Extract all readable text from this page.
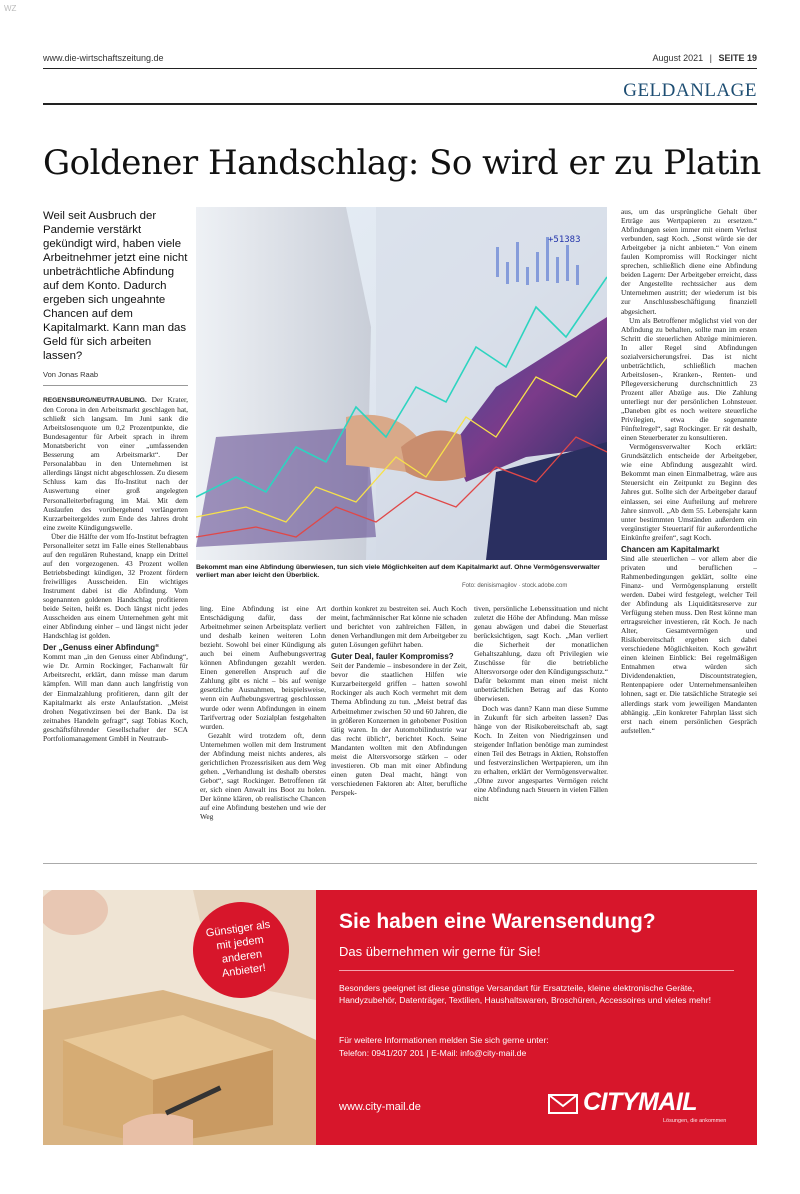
WZ
www.die-wirtschaftszeitung.de	August 2021 | SEITE 19
GELDANLAGE
Goldener Handschlag: So wird er zu Platin
Weil seit Ausbruch der Pandemie verstärkt gekündigt wird, haben viele Arbeitnehmer jetzt eine nicht unbeträchtliche Abfindung auf dem Konto. Dadurch ergeben sich ungeahnte Chancen auf dem Kapitalmarkt. Kann man das Geld für sich arbeiten lassen?
Von Jonas Raab
+51383
Bekommt man eine Abfindung überwiesen, tun sich viele Möglichkeiten auf dem Kapitalmarkt auf. Ohne Vermögensverwalter verliert man aber leicht den Überblick.
Foto: denisismagilov · stock.adobe.com

REGENSBURG/NEUTRAUBLING. Der Krater, den Corona in den Arbeitsmarkt geschlagen hat, schließt sich langsam. Im Juni sank die Arbeitslosenquote um 0,2 Prozentpunkte, die Bundesagentur für Arbeit sprach in ihrem Monatsbericht von einer „umfassenden Besserung am Arbeitsmarkt“. Der Personalabbau in den Unternehmen ist allerdings längst nicht abgeschlossen. Zu diesem Schluss kam das Ifo-Institut nach der Auswertung einer groß angelegten Personalleiterbefragung im Mai. Mit dem Auslaufen des vorübergehend verlängerten Kurzarbeitergeldes zum Ende des Jahres droht eine zweite Kündigungswelle.

Über die Hälfte der vom Ifo-Institut befragten Personalleiter setzt im Falle eines Stellenabbaus auf den regulären Ruhestand, knapp ein Drittel auf den vorgezogenen. 43 Prozent wollen Betriebsbedingt kündigen, 32 Prozent fördern freiwilliges Ausscheiden. Ein wichtiges Instrument dabei ist die Abfindung. Vom sogenannten goldenen Handschlag profitieren beide Seiten, heißt es. Doch längst nicht jedes Ausscheiden aus einem Unternehmen geht mit einer Abfindung einher – und längst nicht jeder Handschlag ist golden.

Der „Genuss einer Abfindung“

Kommt man „in den Genuss einer Abfindung“, wie Dr. Armin Rockinger, Fachanwalt für Arbeitsrecht, erklärt, dann müsse man darum kämpfen. Will man dann auch langfristig von der Einmalzahlung profitieren, dann gilt der Kapitalmarkt als erste Anlaufstation. „Meist drohen Negativzinsen bei der Bank. Da ist zeitnahes Handeln gefragt“, sagt Tobias Koch, geschäftsführender Gesellschafter der SCA Portfoliomanagement GmbH in Neutraub-

ling. Eine Abfindung ist eine Art Entschädigung dafür, dass der Arbeitnehmer seinen Arbeitsplatz verliert und deshalb keinen weiteren Lohn bezieht. Sowohl bei einer Kündigung als auch bei einem Aufhebungsvertrag können Abfindungen gezahlt werden. Einen generellen Anspruch auf die Zahlung gibt es nicht – bis auf wenige gesetzliche Ausnahmen, beispielsweise, wenn ein Aufhebungsvertrag geschlossen wurde oder wenn Abfindungen in einem Tarifvertrag oder Sozialplan festgehalten wurden.

Gezahlt wird trotzdem oft, denn Unternehmen wollen mit dem Instrument der Abfindung meist nichts anderes, als gerichtlichen Prozessrisiken aus dem Weg gehen. „Verhandlung ist deshalb oberstes Gebot“, sagt Rockinger. Betroffenen rät er, sich einen Anwalt ins Boot zu holen. Der könne klären, ob realistische Chancen auf eine Abfindung bestehen und wie der Weg

dorthin konkret zu bestreiten sei. Auch Koch meint, fachmännischer Rat könne nie schaden und berichtet von zahlreichen Fällen, in denen Verhandlungen mit dem Arbeitgeber zu guten Lösungen geführt haben.

Guter Deal, fauler Kompromiss?

Seit der Pandemie – insbesondere in der Zeit, bevor die staatlichen Hilfen wie Kurzarbeitergeld griffen – hatten sowohl Rockinger als auch Koch vermehrt mit dem Thema Abfindung zu tun. „Meist betraf das Arbeitnehmer zwischen 50 und 60 Jahren, die in größeren Konzernen in gehobener Position tätig waren. In der Automobilindustrie war das recht üblich“, berichtet Koch. Seine Mandanten wollten mit den Abfindungen meist die Altersvorsorge stärken – oder investieren. Ob man mit einer Abfindung einen guten Deal macht, hängt von verschiedenen Faktoren ab: Alter, berufliche Perspek-

tiven, persönliche Lebenssituation und nicht zuletzt die Höhe der Abfindung. Man müsse genau abwägen und dabei die Steuerlast berücksichtigen, sagt Koch. „Man verliert die Sicherheit der monatlichen Gehaltszahlung, dazu oft Privilegien wie Zuschüsse für die betriebliche Altersvorsorge oder den Kündigungsschutz.“ Dafür bekommt man einen meist nicht unbeträchtlichen Betrag auf das Konto überwiesen.

Doch was dann? Kann man diese Summe in Zukunft für sich arbeiten lassen? Das hänge von der Risikobereitschaft ab, sagt Koch. In Zeiten von Niedrigzinsen und steigender Inflation benötige man zumindest einen Teil des Betrags in Aktien, Rohstoffen und festverzinslichen Wertpapieren, um ihn zu erhalten, erklärt der Vermögensverwalter. „Ohne zuvor angespartes Vermögen reicht eine Abfindung nach Steuern in vielen Fällen nicht

aus, um das ursprüngliche Gehalt über Erträge aus Wertpapieren zu ersetzen.“ Abfindungen seien immer mit einem Verlust verbunden, sagt Koch. „Sonst würde sie der Arbeitgeber ja nicht anbieten.“ Von einem faulen Kompromiss will Rockinger nicht sprechen, schließlich diene eine Abfindung beiden Lagern: Der Arbeitgeber erreicht, dass der Angestellte rechtssicher aus dem Unternehmen austritt; der wiederum ist bis zur Anschlussbeschäftigung finanziell abgesichert.

Um als Betroffener möglichst viel von der Abfindung zu behalten, sollte man im ersten Schritt die steuerlichen Abzüge minimieren. In aller Regel sind Abfindungen sozialversicherungsfrei. Das ist nicht unbeträchtlich, schließlich machen Arbeitslosen-, Kranken-, Renten- und Pflegeversicherung durchschnittlich 23 Prozent aller Abzüge aus. Die Zahlung unterliegt nur der persönlichen Lohnsteuer. „Daneben gibt es noch weitere steuerliche Privilegien, etwa die sogenannte Fünftelregel“, sagt Rockinger. Er rät deshalb, einen Steuerberater zu konsultieren.

Vermögensverwalter Koch erklärt: Grundsätzlich entscheide der Arbeitgeber, wie eine Abfindung ausgezahlt wird. Bekommt man einen Einmalbetrag, wäre aus Steuersicht ein Zeitpunkt zu Beginn des Jahres gut. Sollte sich der Arbeitgeber darauf einlassen, sei eine Aufteilung auf mehrere Jahre sinnvoll. „Ab dem 55. Lebensjahr kann unter bestimmten Umständen außerdem ein vergünstigter Steuertarif für außerordentliche Einkünfte greifen“, sagt Koch.

Chancen am Kapitalmarkt

Sind alle steuerlichen – vor allem aber die privaten und beruflichen – Rahmenbedingungen geklärt, sollte eine Finanz- und Vermögensplanung erstellt werden. Dabei wird festgelegt, welcher Teil der Abfindung als Liquiditätsreserve zur Verfügung stehen muss. Den Rest könne man ertragsreicher investieren, rät Koch. Je nach Alter, Gesamtvermögen und Risikobereitschaft ergeben sich dabei verschiedene Möglichkeiten. Koch gewährt einen kleinen Einblick: Bei regelmäßigen Entnahmen etwa würden sich Dividendenaktien, Discountstrategien, Rentenpapiere oder Unternehmensanleihen lohnen, sagt er. Die tatsächliche Strategie sei allerdings stark vom jeweiligen Mandanten abhängig. „Ein konkreter Fahrplan lässt sich erst nach einem persönlichen Gespräch aufstellen.“

Günstiger als mit jedem anderen Anbieter!
Sie haben eine Warensendung?
Das übernehmen wir gerne für Sie!
Besonders geeignet ist diese günstige Versandart für Ersatzteile, kleine elektronische Geräte, Handyzubehör, Datenträger, Textilien, Haushaltswaren, Broschüren, Accessoires und vieles mehr!
Für weitere Informationen melden Sie sich gerne unter:
Telefon: 0941/207 201 | E-Mail: info@city-mail.de
www.city-mail.de	CITYMAIL
Lösungen, die ankommen
